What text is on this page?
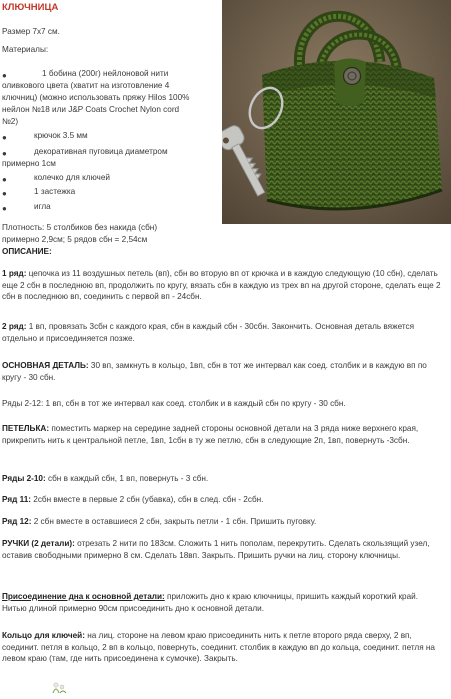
КЛЮЧНИЦА
Размер 7х7 см.
Материалы:
●	1 бобина (200г) нейлоновой нити
оливкового цвета (хватит на изготовление 4
ключниц) (можно использовать пряжу Hilos 100%
нейлон №18 или J&P Coats Crochet Nylon cord
№2)
●	крючок 3.5 мм
●	декоративная пуговица диаметром
примерно 1см
●	колечко для ключей
●	1 застежка
●	игла
Плотность: 5 столбиков без накида (сбн)
примерно 2,9см; 5 рядов сбн = 2,54см
ОПИСАНИЕ:
1 ряд: цепочка из 11 воздушных петель (вп), сбн во вторую вп от крючка и в каждую следующую (10 сбн), сделать еще 2 сбн в последнюю вп, продолжить по кругу, вязать сбн в каждую из трех вп на другой стороне, сделать еще 2 сбн в последнюю вп, соединить с первой вп - 24сбн.
2 ряд: 1 вп, провязать 3сбн с каждого края, сбн в каждый сбн - 30сбн. Закончить. Основная деталь вяжется отдельно и присоединяется позже.
ОСНОВНАЯ ДЕТАЛЬ: 30 вп, замкнуть в кольцо, 1вп, сбн в тот же интервал как соед. столбик и в каждую вп по кругу - 30 сбн.
Ряды 2-12: 1 вп, сбн в тот же интервал как соед. столбик и в каждый сбн по кругу - 30 сбн.
ПЕТЕЛЬКА: поместить маркер на середине задней стороны основной детали на 3 ряда ниже верхнего края, прикрепить нить к центральной петле, 1вп, 1сбн в ту же петлю, сбн в следующие 2п, 1вп, повернуть -3сбн.
Ряды 2-10: сбн в каждый сбн, 1 вп, повернуть - 3 сбн.
Ряд 11: 2сбн вместе в первые 2 сбн (убавка), сбн в след. сбн - 2сбн.
Ряд 12: 2 сбн вместе в оставшиеся 2 сбн, закрыть петли - 1 сбн. Пришить пуговку.
РУЧКИ (2 детали): отрезать 2 нити по 183см. Сложить 1 нить пополам, перекрутить. Сделать скользящий узел, оставив свободными примерно 8 см. Сделать 18вп. Закрыть. Пришить ручки на лиц. сторону ключницы.
Присоединение дна к основной детали: приложить дно к краю ключницы, пришить каждый короткий край. Нитью длиной примерно 90см присоединить дно к основной детали.
Кольцо для ключей: на лиц. стороне на левом краю присоединить нить к петле второго ряда сверху, 2 вп, соединит. петля в кольцо, 2 вп в кольцо, повернуть, соединит. столбик в каждую вп до кольца, соединит. петля на левом краю (там, где нить присоединена к сумочке). Закрыть.
